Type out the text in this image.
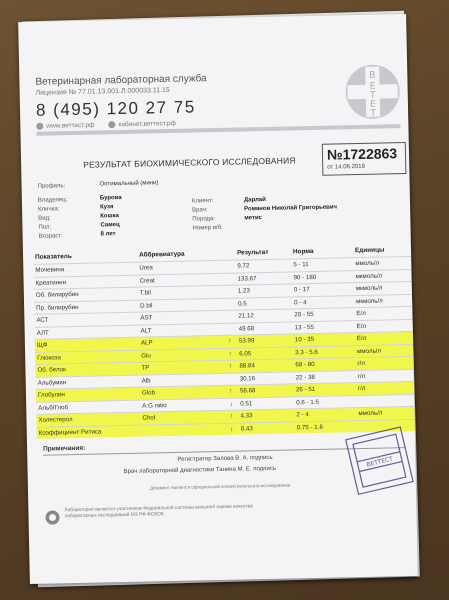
Ветеринарная лабораторная служба
Лицензия № 77.01.13.001.Л.000033.11.15
8 (495) 120 27 75
www.веттест.рф	кабинет.веттест.рф
В
Е
Т
Е
Т
РЕЗУЛЬТАТ БИОХИМИЧЕСКОГО ИССЛЕДОВАНИЯ №1722863
от 14.06.2019
Профиль:	Оптимальный (мини)
Владелец:	Бурова
Кличка:	Кузя
Вид:	Кошка
Пол:	Самец
Возраст:	8 лет
Клиент:	Дарлай
Врач:	Романов Николай Григорьевич
Порода:	метис
Номер и/б:
Показатель	Аббревиатура		Результат	Норма	Единицы
Мочевина	Urea		9.72	5 - 11	ммоль/л
Креатинин	Creat		133.67	90 - 180	мкмоль/л
Об. билирубин	T.bil		1.23	0 - 17	мкмоль/л
Пр. билирубин	D.bil		0.5	0 - 4	мкмоль/л
АСТ	AST		21.12	20 - 55	Е/л
АЛТ	ALT		49.68	13 - 55	Е/л
ЩФ	ALP	↑	53.99	10 - 35	Е/л
Глюкоза	Glu	↑	6.05	3.3 - 5.6	ммоль/л
Об. белок	TP	↑	88.84	68 - 80	г/л
Альбумин	Alb		30.16	22 - 38	г/л
Глобулин	Glob	↑	58.68	26 - 51	г/л
Альб/Глоб	A:G ratio	↓	0.51	0.6 - 1.5	
Холестерол	Chol	↑	4.33	2 - 4	ммоль/л
Коэффициент Ритиса		↓	0.43	0.75 - 1.6	
Примечания:
Регистратор Залова В. А. подпись
Врач лабораторной диагностики Танина М. Е. подпись
Документ является официальной копией результата исследования
ВЕТТЕСТ
Лаборатория является участником Федеральной системы внешней оценки качества лабораторных исследований МЗ РФ ФСВОК
